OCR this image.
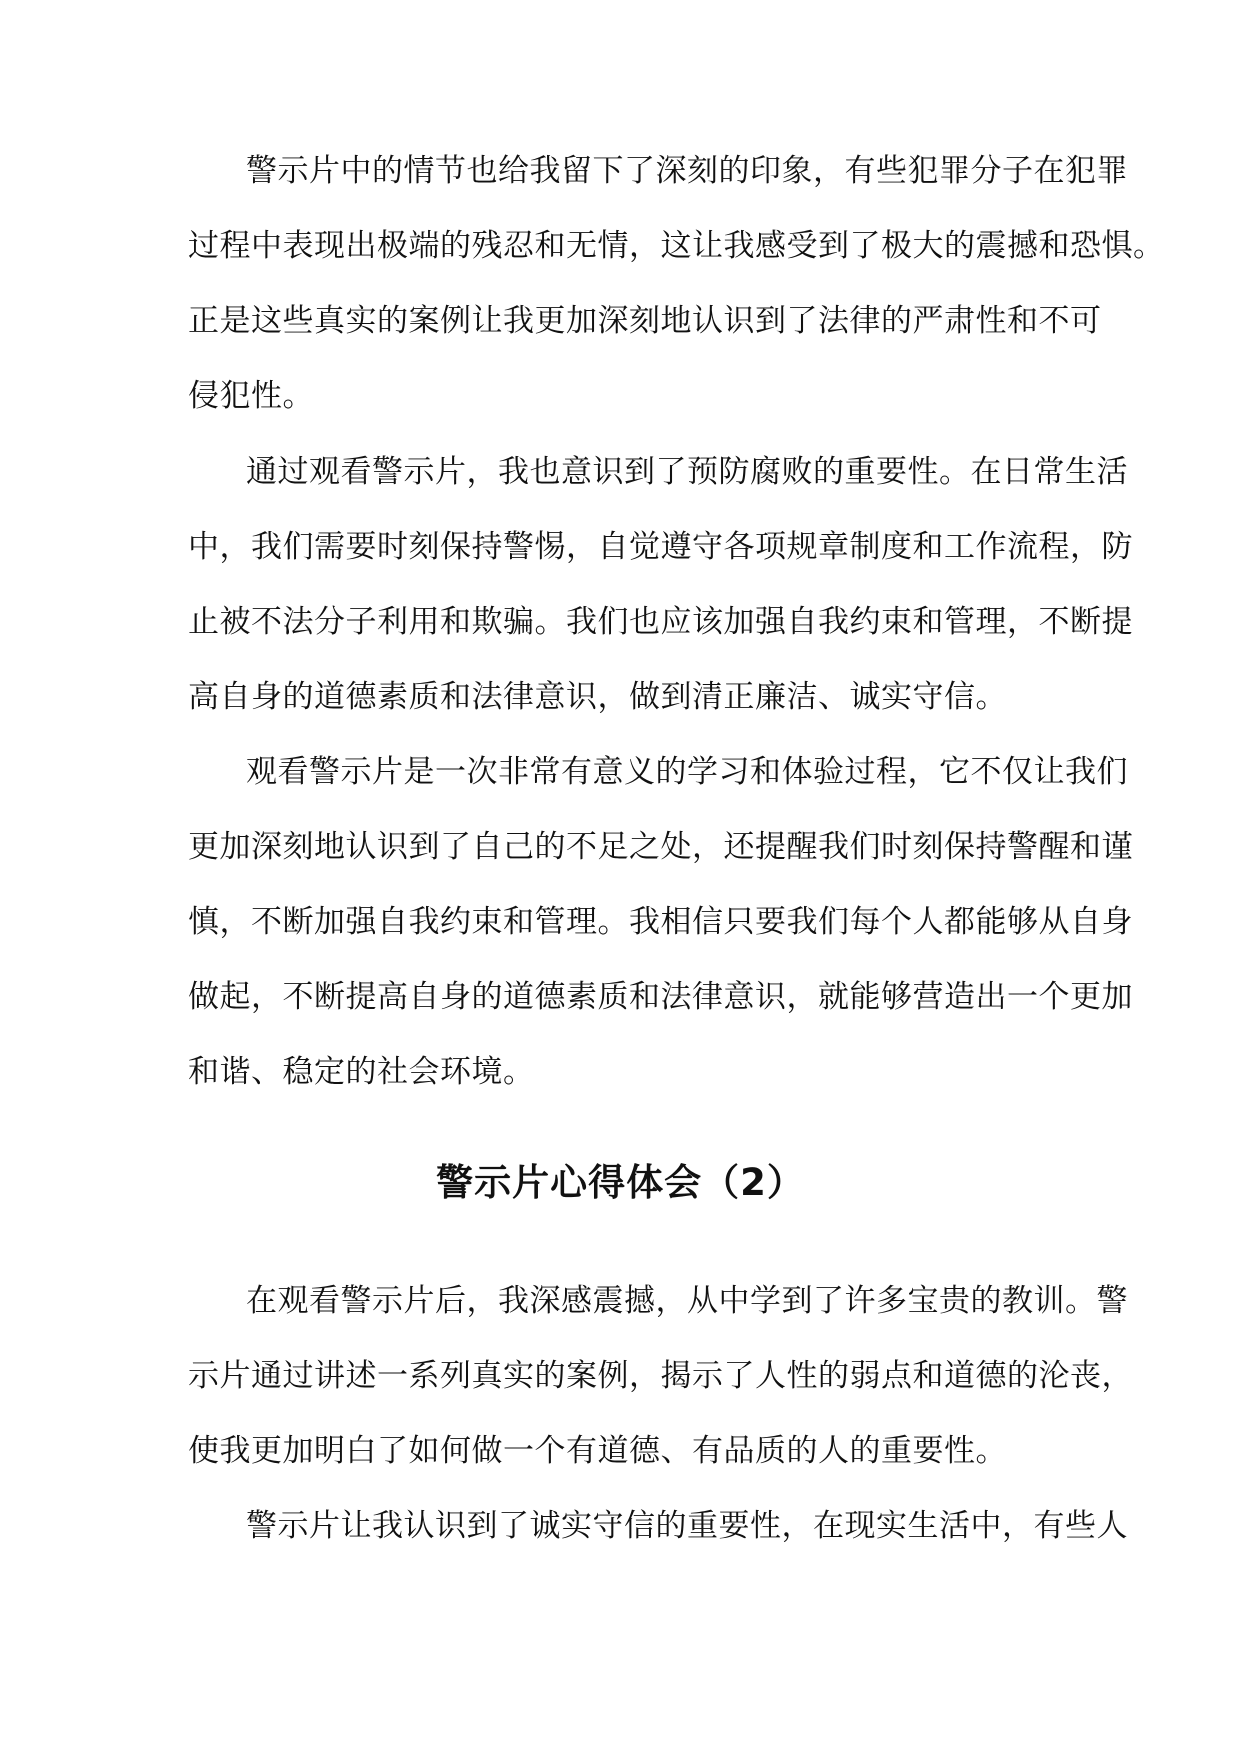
警示片中的情节也给我留下了深刻的印象，有些犯罪分子在犯罪
过程中表现出极端的残忍和无情，这让我感受到了极大的震撼和恐惧。
正是这些真实的案例让我更加深刻地认识到了法律的严肃性和不可
侵犯性。
通过观看警示片，我也意识到了预防腐败的重要性。在日常生活
中，我们需要时刻保持警惕，自觉遵守各项规章制度和工作流程，防
止被不法分子利用和欺骗。我们也应该加强自我约束和管理，不断提
高自身的道德素质和法律意识，做到清正廉洁、诚实守信。
观看警示片是一次非常有意义的学习和体验过程，它不仅让我们
更加深刻地认识到了自己的不足之处，还提醒我们时刻保持警醒和谨
慎，不断加强自我约束和管理。我相信只要我们每个人都能够从自身
做起，不断提高自身的道德素质和法律意识，就能够营造出一个更加
和谐、稳定的社会环境。
警示片心得体会（2）
在观看警示片后，我深感震撼，从中学到了许多宝贵的教训。警
示片通过讲述一系列真实的案例，揭示了人性的弱点和道德的沦丧，
使我更加明白了如何做一个有道德、有品质的人的重要性。
警示片让我认识到了诚实守信的重要性，在现实生活中，有些人
